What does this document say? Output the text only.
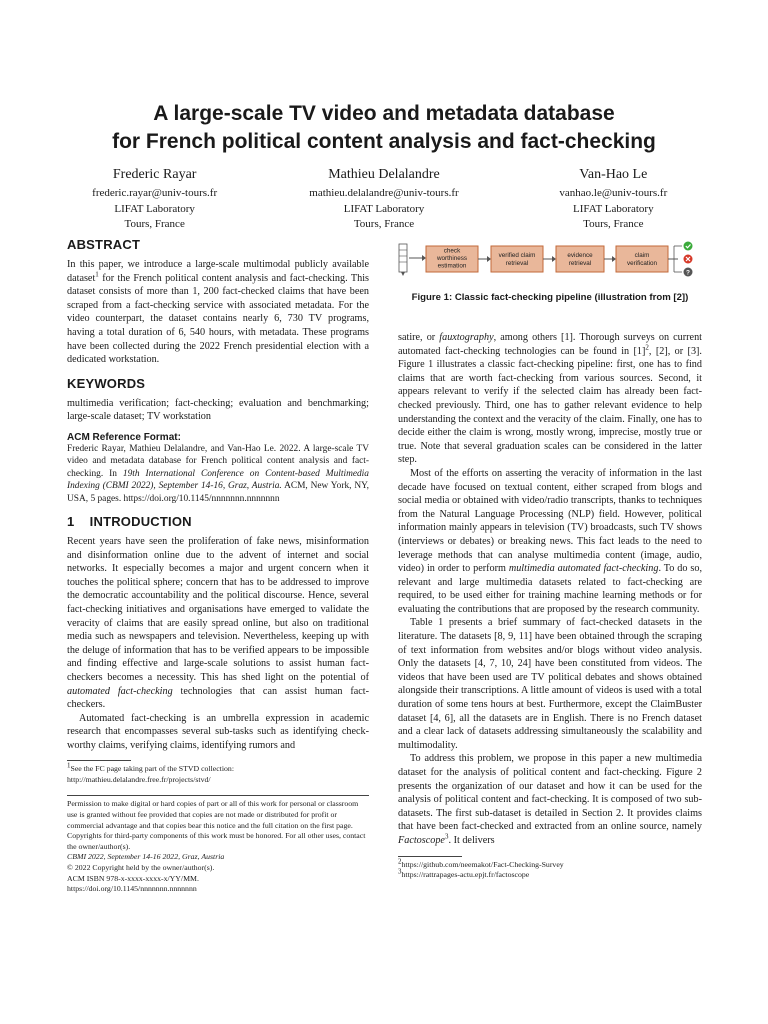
A large-scale TV video and metadata database
for French political content analysis and fact-checking
Frederic Rayar
frederic.rayar@univ-tours.fr
LIFAT Laboratory
Tours, France
Mathieu Delalandre
mathieu.delalandre@univ-tours.fr
LIFAT Laboratory
Tours, France
Van-Hao Le
vanhao.le@univ-tours.fr
LIFAT Laboratory
Tours, France
ABSTRACT

In this paper, we introduce a large-scale multimodal publicly available dataset$^1$ for the French political content analysis and fact-checking. This dataset consists of more than 1, 200 fact-checked claims that have been scraped from a fact-checking service with associated metadata. For the video counterpart, the dataset contains nearly 6, 730 TV programs, having a total duration of 6, 540 hours, with metadata. These programs have been collected during the 2022 French presidential election with a dedicated workstation.

KEYWORDS

multimedia verification; fact-checking; evaluation and benchmarking; large-scale dataset; TV workstation

ACM Reference Format:
Frederic Rayar, Mathieu Delalandre, and Van-Hao Le. 2022. A large-scale TV video and metadata database for French political content analysis and fact-checking. In 19th International Conference on Content-based Multimedia Indexing (CBMI 2022), September 14-16, Graz, Austria. ACM, New York, NY, USA, 5 pages. https://doi.org/10.1145/nnnnnnn.nnnnnnn
1    INTRODUCTION

Recent years have seen the proliferation of fake news, misinformation and disinformation online due to the advent of internet and social networks. It especially becomes a major and urgent concern when it touches the political sphere; concern that has to be addressed to improve the democratic accountability and the political discourse. Hence, several fact-checking initiatives and organisations have emerged to validate the veracity of claims that are easily spread online, but also on traditional media such as newspapers and television. Nevertheless, keeping up with the deluge of information that has to be verified appears to be impossible and finding effective and large-scale solutions to assist human fact-checkers becomes a necessity. This has shed light on the potential of automated fact-checking technologies that can assist human fact-checkers.

Automated fact-checking is an umbrella expression in academic research that encompasses several sub-tasks such as identifying check-worthy claims, verifying claims, identifying rumors and

$^1$See the FC page taking part of the STVD collection: http://mathieu.delalandre.free.fr/projects/stvd/

Permission to make digital or hard copies of part or all of this work for personal or classroom use is granted without fee provided that copies are not made or distributed for profit or commercial advantage and that copies bear this notice and the full citation on the first page. Copyrights for third-party components of this work must be honored. For all other uses, contact the owner/author(s).
CBMI 2022, September 14-16 2022, Graz, Austria
© 2022 Copyright held by the owner/author(s).
ACM ISBN 978-x-xxxx-xxxx-x/YY/MM.
https://doi.org/10.1145/nnnnnnn.nnnnnnn
check
worthiness
estimation
verified claim
retrieval
evidence
retrieval
claim
verification
?
Figure 1: Classic fact-checking pipeline (illustration from [2])

satire, or fauxtography, among others [1]. Thorough surveys on current automated fact-checking technologies can be found in $[1]^2$, [2], or [3]. Figure 1 illustrates a classic fact-checking pipeline: first, one has to find claims that are worth fact-checking from various sources. Second, it appears relevant to verify if the selected claim has already been fact-checked previously. Third, one has to gather relevant evidence to help understanding the context and the veracity of the claim. Finally, one has to decide either the claim is wrong, mostly wrong, imprecise, mostly true or true. Note that several graduation scales can be considered in the latter step.

Most of the efforts on asserting the veracity of information in the last decade have focused on textual content, either scraped from blogs and social media or obtained with video/radio transcripts, thanks to techniques from the Natural Language Processing (NLP) field. However, political information mainly appears in television (TV) broadcasts, such TV shows (interviews or debates) or breaking news. This fact leads to the need to leverage methods that can analyse multimedia content (image, audio, video) in order to perform multimedia automated fact-checking. To do so, relevant and large multimedia datasets related to fact-checking are required, to be used either for training machine learning methods or for evaluating the contributions that are proposed by the research community.

Table 1 presents a brief summary of fact-checked datasets in the literature. The datasets [8, 9, 11] have been obtained through the scraping of text information from websites and/or blogs without video analysis. Only the datasets [4, 7, 10, 24] have been constituted from videos. The videos that have been used are TV political debates and shows obtained alongside their transcriptions. A little amount of videos is used with a total duration of some tens hours at best. Furthermore, except the ClaimBuster dataset [4, 6], all the datasets are in English. There is no French dataset and a clear lack of datasets addressing simultaneously the scalability and multimodality.

To address this problem, we propose in this paper a new multimedia dataset for the analysis of political content and fact-checking. Figure 2 presents the organization of our dataset and how it can be used for the analysis of political content and fact-checking. It is composed of two sub-datasets. The first sub-dataset is detailed in Section 2. It provides claims that have been fact-checked and extracted from an online source, namely Factoscope$^3$. It delivers

$^2$https://github.com/neemakot/Fact-Checking-Survey

$^3$https://rattrapages-actu.epjt.fr/factoscope
